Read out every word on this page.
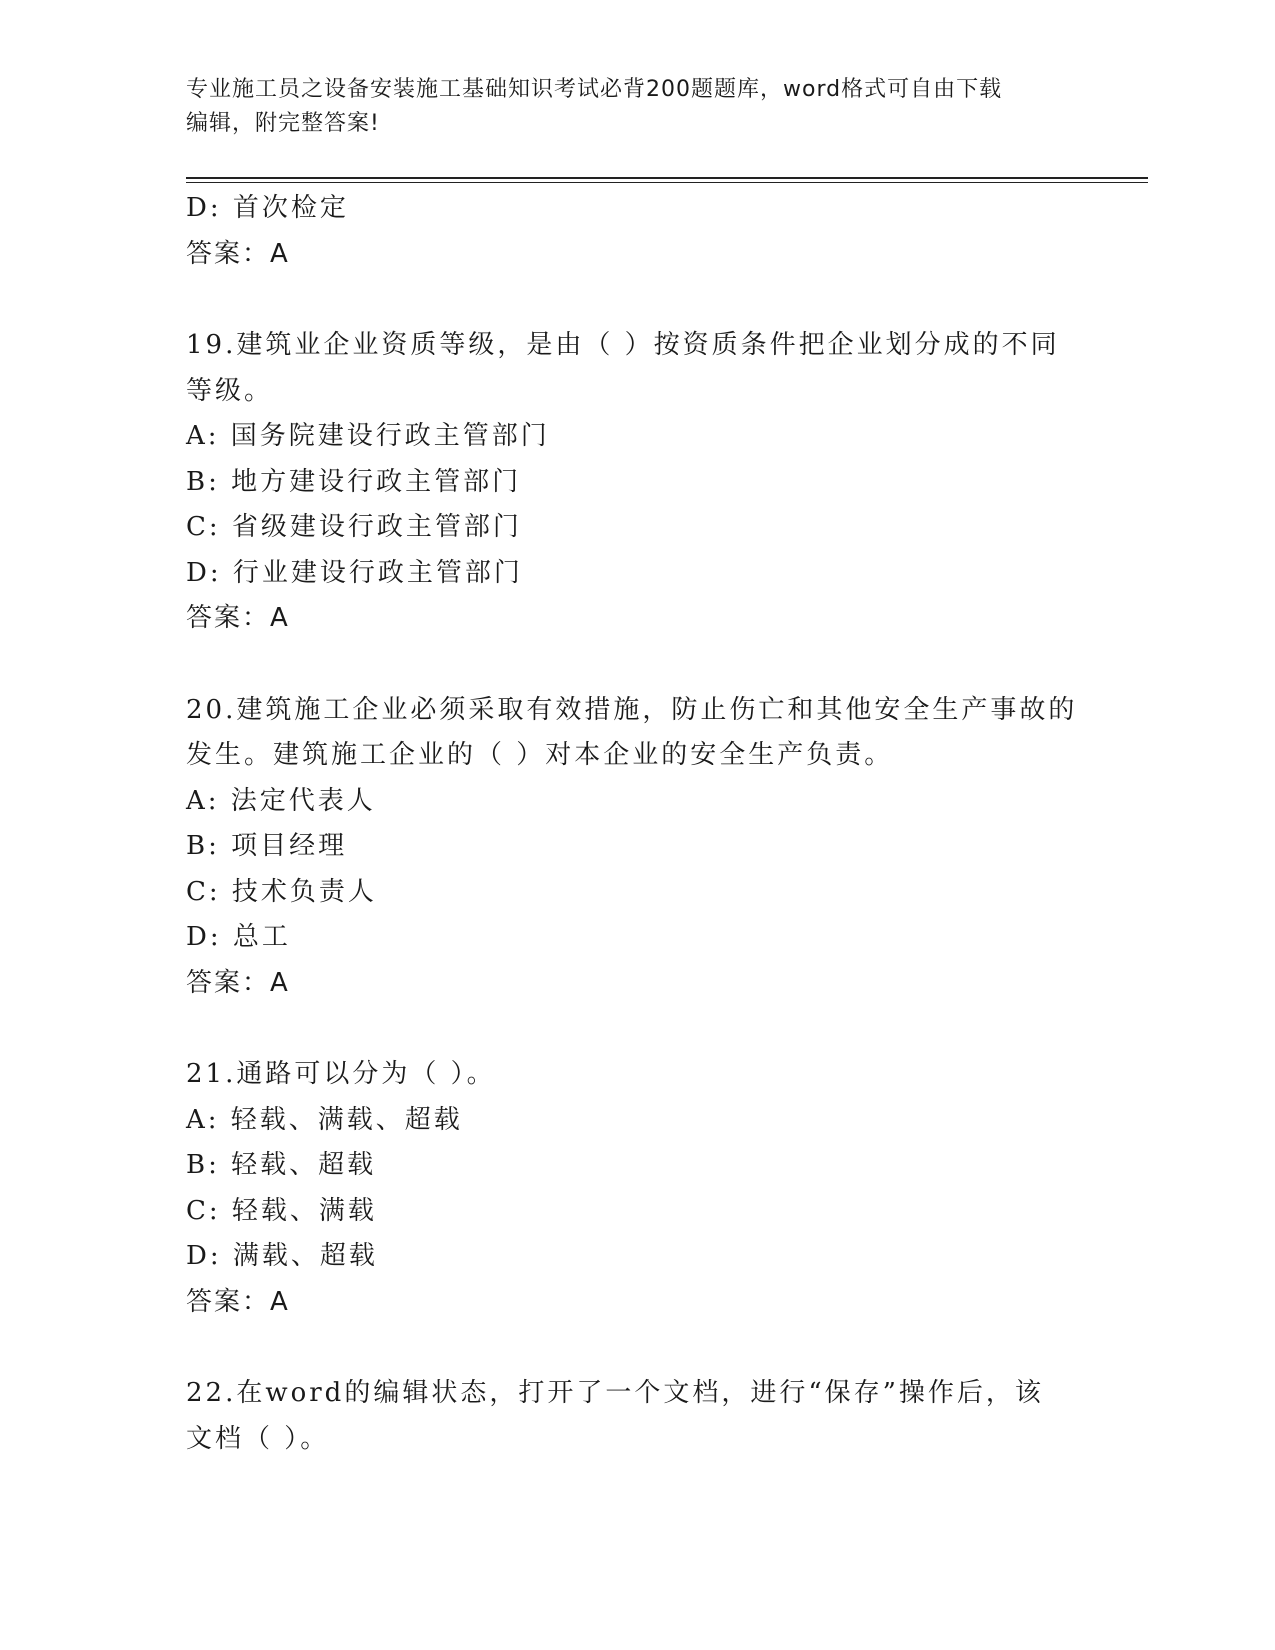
专业施工员之设备安装施工基础知识考试必背200题题库，word格式可自由下载
编辑，附完整答案!
D: 首次检定
答案：A
19.建筑业企业资质等级，是由（ ）按资质条件把企业划分成的不同
等级。
A: 国务院建设行政主管部门
B: 地方建设行政主管部门
C: 省级建设行政主管部门
D: 行业建设行政主管部门
答案：A
20.建筑施工企业必须采取有效措施，防止伤亡和其他安全生产事故的
发生。建筑施工企业的（ ）对本企业的安全生产负责。
A: 法定代表人
B: 项目经理
C: 技术负责人
D: 总工
答案：A
21.通路可以分为（ ）。
A: 轻载、满载、超载
B: 轻载、超载
C: 轻载、满载
D: 满载、超载
答案：A
22.在word的编辑状态，打开了一个文档，进行“保存”操作后，该
文档（ ）。
